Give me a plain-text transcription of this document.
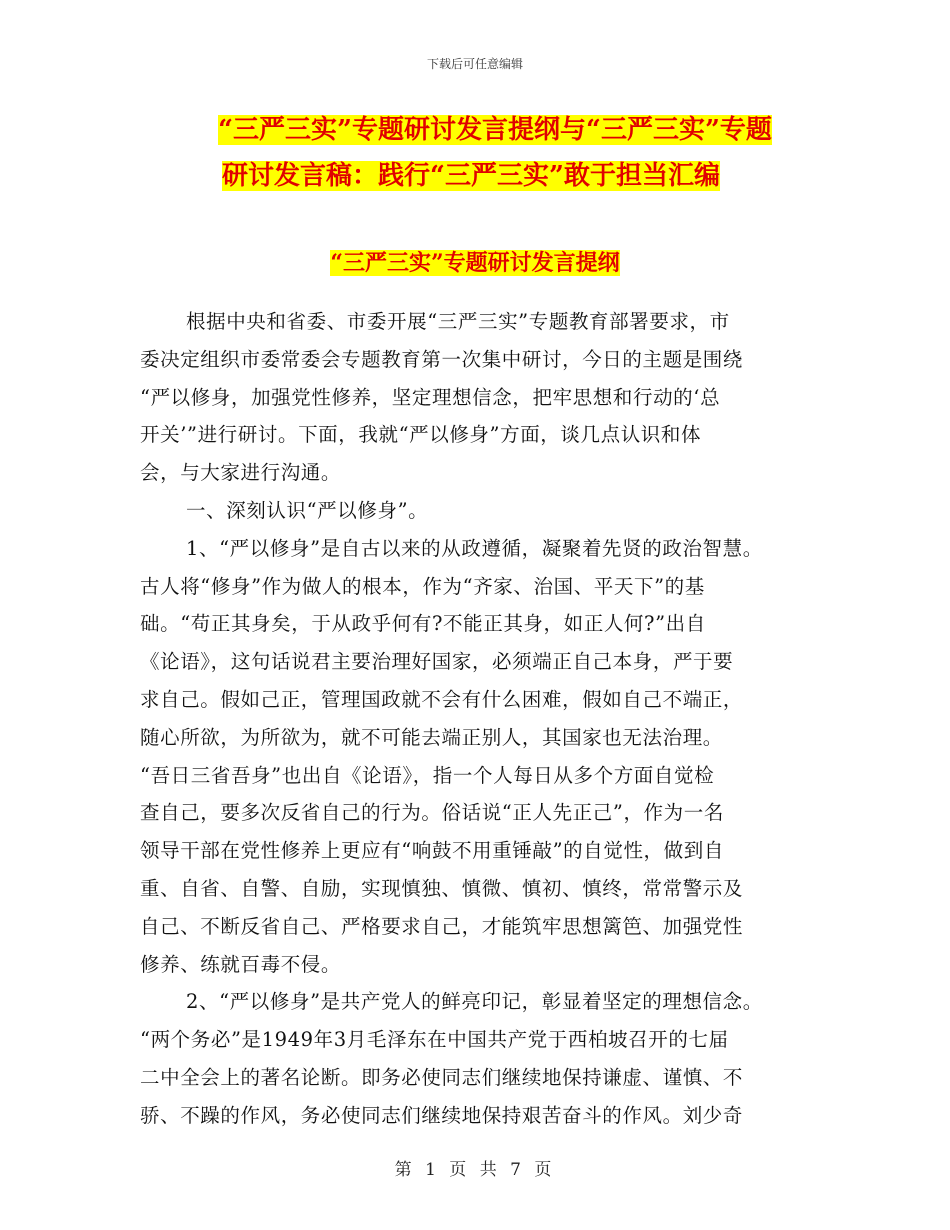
下载后可任意编辑
“三严三实”专题研讨发言提纲与“三严三实”专题
研讨发言稿：践行“三严三实”敢于担当汇编
“三严三实”专题研讨发言提纲
根据中央和省委、市委开展“三严三实”专题教育部署要求，市
委决定组织市委常委会专题教育第一次集中研讨，今日的主题是围绕
“严以修身，加强党性修养，坚定理想信念，把牢思想和行动的‘总
开关’”进行研讨。下面，我就“严以修身”方面，谈几点认识和体
会，与大家进行沟通。
一、深刻认识“严以修身”。
1、“严以修身”是自古以来的从政遵循，凝聚着先贤的政治智慧。
古人将“修身”作为做人的根本，作为“齐家、治国、平天下”的基
础。“苟正其身矣，于从政乎何有?不能正其身，如正人何?”出自
《论语》，这句话说君主要治理好国家，必须端正自己本身，严于要
求自己。假如己正，管理国政就不会有什么困难，假如自己不端正，
随心所欲，为所欲为，就不可能去端正别人，其国家也无法治理。
“吾日三省吾身”也出自《论语》，指一个人每日从多个方面自觉检
查自己，要多次反省自己的行为。俗话说“正人先正己”，作为一名
领导干部在党性修养上更应有“响鼓不用重锤敲”的自觉性，做到自
重、自省、自警、自励，实现慎独、慎微、慎初、慎终，常常警示及
自己、不断反省自己、严格要求自己，才能筑牢思想篱笆、加强党性
修养、练就百毒不侵。
2、“严以修身”是共产党人的鲜亮印记，彰显着坚定的理想信念。
“两个务必”是1949年3月毛泽东在中国共产党于西柏坡召开的七届
二中全会上的著名论断。即务必使同志们继续地保持谦虚、谨慎、不
骄、不躁的作风，务必使同志们继续地保持艰苦奋斗的作风。刘少奇
第 1 页 共 7 页
